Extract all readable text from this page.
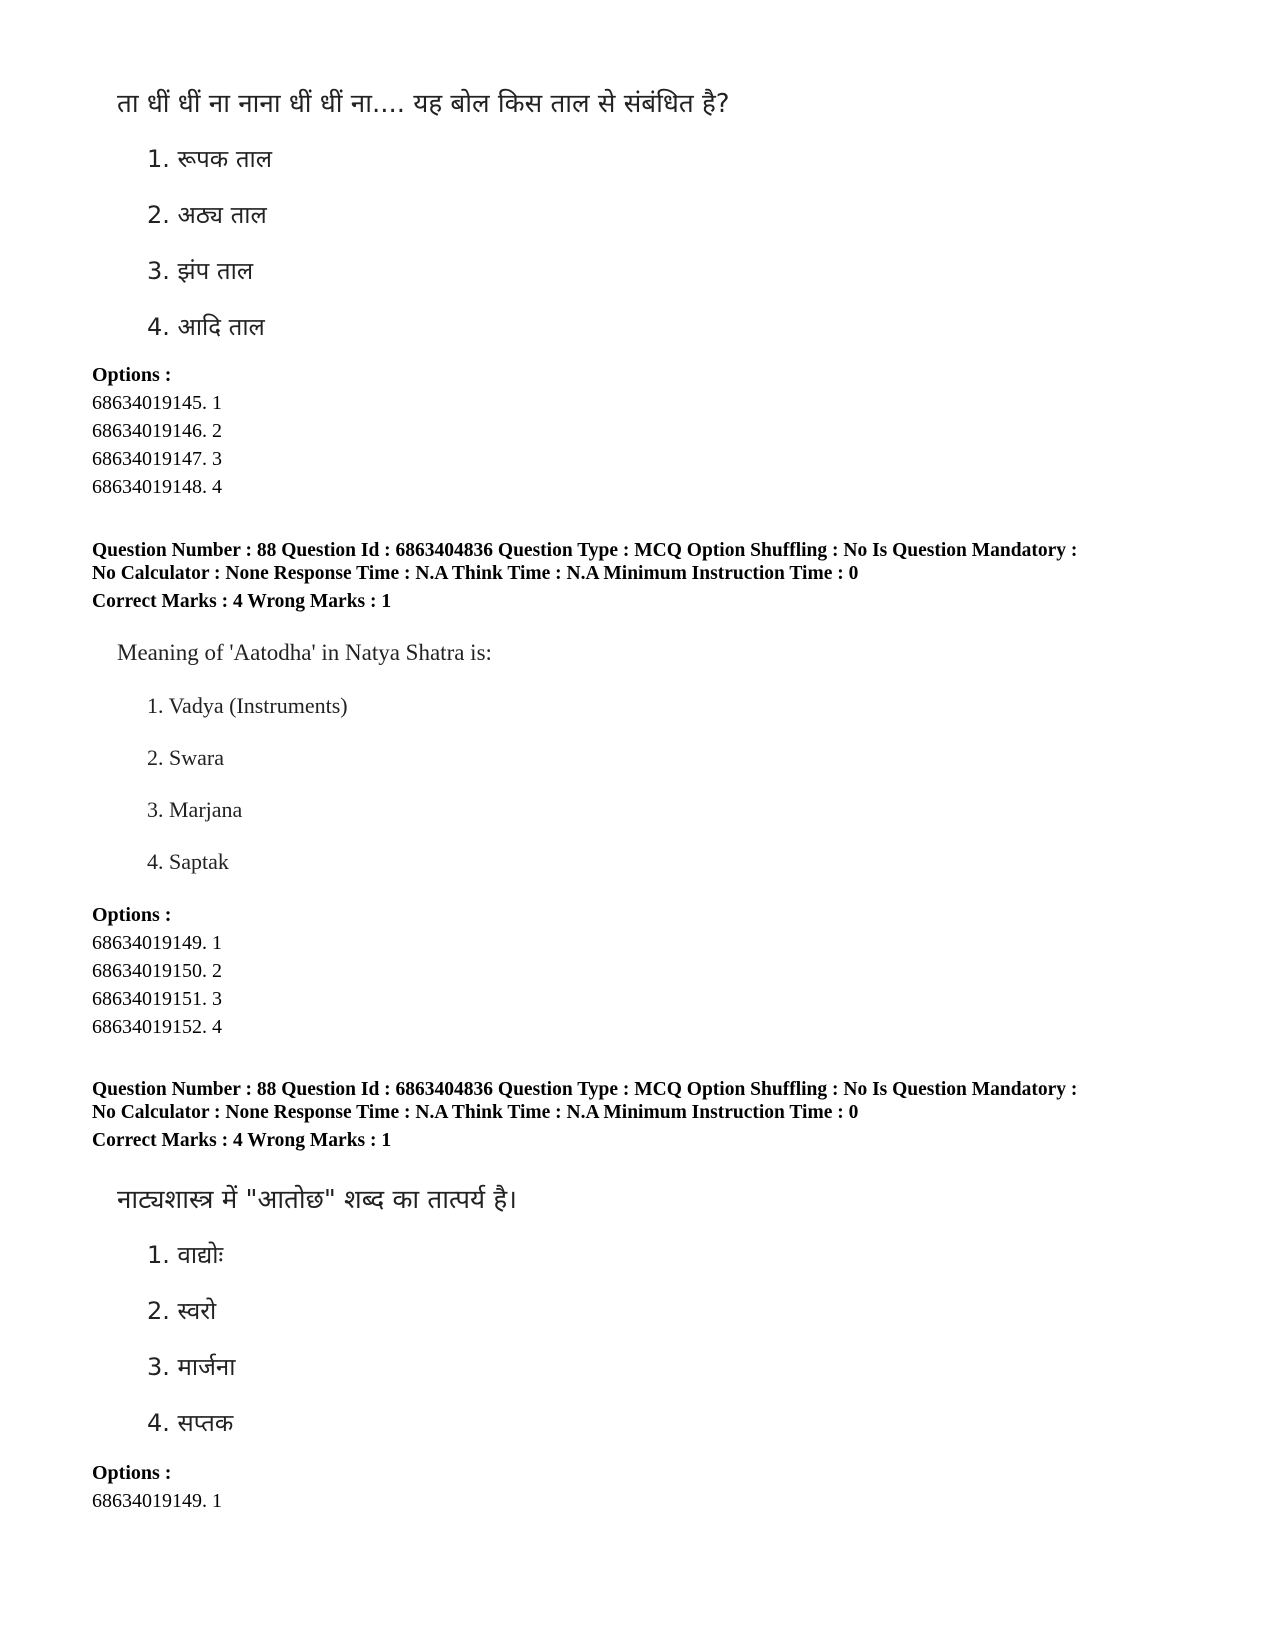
ता धीं धीं ना नाना धीं धीं ना.... यह बोल किस ताल से संबंधित है?
1. रूपक ताल
2. अठ्य ताल
3. झंप ताल
4. आदि ताल
Options :
68634019145. 1
68634019146. 2
68634019147. 3
68634019148. 4
Question Number : 88 Question Id : 6863404836 Question Type : MCQ Option Shuffling : No Is Question Mandatory :
No Calculator : None Response Time : N.A Think Time : N.A Minimum Instruction Time : 0
Correct Marks : 4 Wrong Marks : 1
Meaning of 'Aatodha' in Natya Shatra is:
1. Vadya (Instruments)
2. Swara
3. Marjana
4. Saptak
Options :
68634019149. 1
68634019150. 2
68634019151. 3
68634019152. 4
Question Number : 88 Question Id : 6863404836 Question Type : MCQ Option Shuffling : No Is Question Mandatory :
No Calculator : None Response Time : N.A Think Time : N.A Minimum Instruction Time : 0
Correct Marks : 4 Wrong Marks : 1
नाट्यशास्त्र में "आतोछ" शब्द का तात्पर्य है।
1. वाद्योः
2. स्वरो
3. मार्जना
4. सप्तक
Options :
68634019149. 1
